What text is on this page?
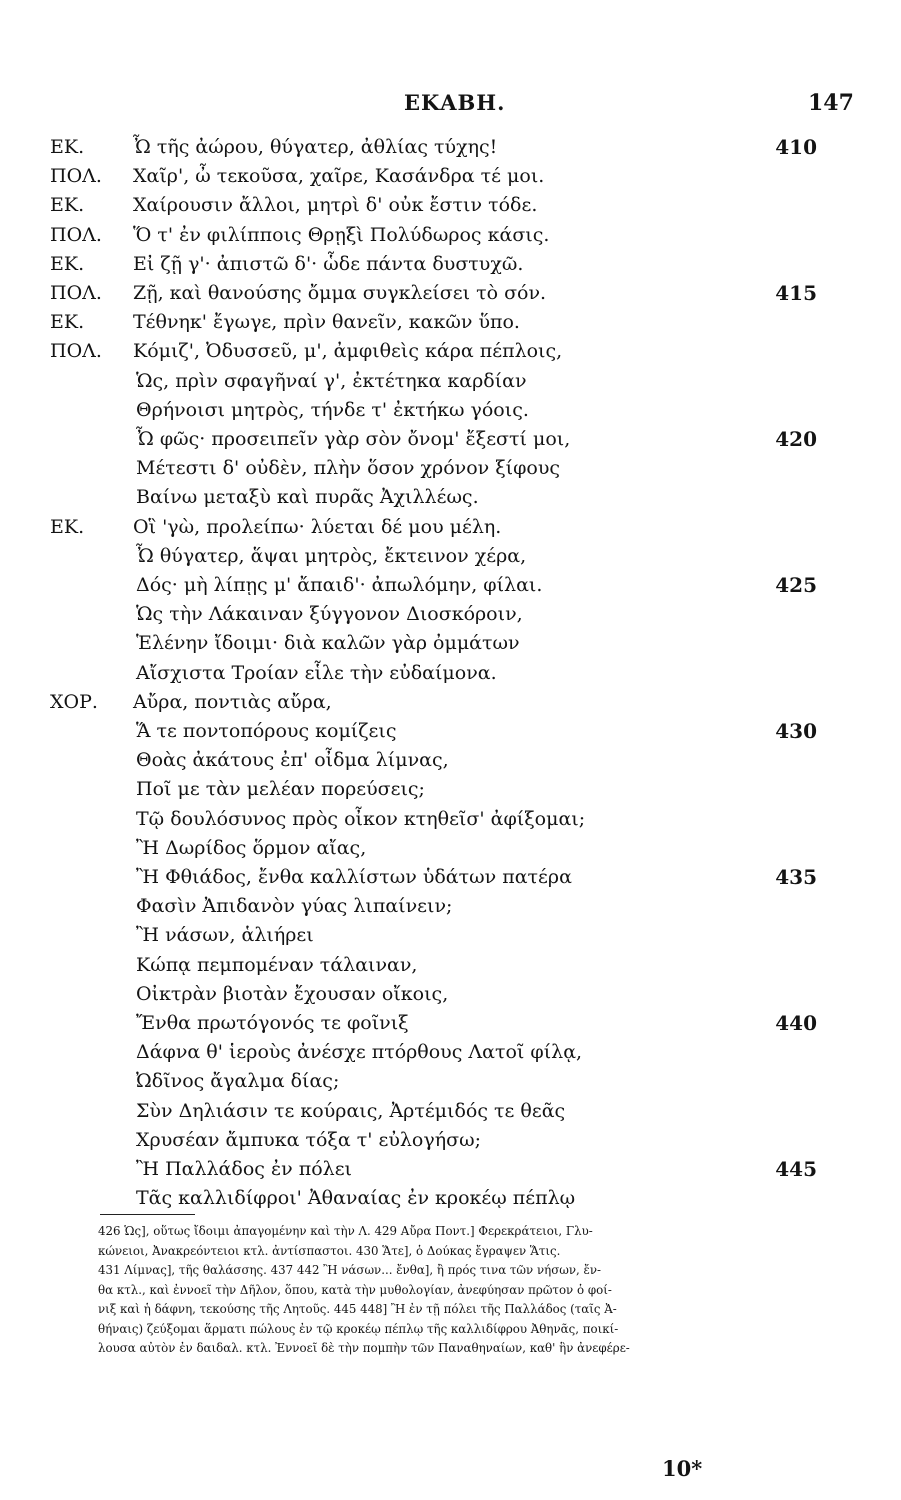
ΕΚΑΒΗ.	147
ΕΚ.	Ὦ τῆς ἀώρου, θύγατερ, ἀθλίας τύχης!	410
ΠΟΛ. Χαῖρ', ὦ τεκοῦσα, χαῖρε, Κασάνδρα τέ μοι.
ΕΚ.	Χαίρουσιν ἄλλοι, μητρὶ δ' οὐκ ἔστιν τόδε.
ΠΟΛ. Ὅ τ' ἐν φιλίπποις Θρῃξὶ Πολύδωρος κάσις.
ΕΚ.	Εἰ ζῇ γ'· ἀπιστῶ δ'· ὧδε πάντα δυστυχῶ.
ΠΟΛ. Ζῇ, καὶ θανούσης ὄμμα συγκλείσει τὸ σόν.	415
ΕΚ.	Τέθνηκ' ἔγωγε, πρὶν θανεῖν, κακῶν ὕπο.
ΠΟΛ. Κόμιζ', Ὀδυσσεῦ, μ', ἀμφιθεὶς κάρα πέπλοις,
Ὡς, πρὶν σφαγῆναί γ', ἐκτέτηκα καρδίαν
Θρήνοισι μητρὸς, τήνδε τ' ἐκτήκω γόοις.
Ὦ φῶς· προσειπεῖν γὰρ σὸν ὄνομ' ἔξεστί μοι,	420
Μέτεστι δ' οὐδὲν, πλὴν ὅσον χρόνον ξίφους
Βαίνω μεταξὺ καὶ πυρᾶς Ἀχιλλέως.
ΕΚ.	Οἳ 'γὼ, προλείπω· λύεται δέ μου μέλη.
Ὦ θύγατερ, ἅψαι μητρὸς, ἔκτεινον χέρα,
Δός· μὴ λίπῃς μ' ἄπαιδ'· ἀπωλόμην, φίλαι.	425
Ὡς τὴν Λάκαιναν ξύγγονον Διοσκόροιν,
Ἑλένην ἴδοιμι· διὰ καλῶν γὰρ ὀμμάτων
Αἴσχιστα Τροίαν εἷλε τὴν εὐδαίμονα.
ΧΟΡ. Αὔρα, ποντιὰς αὔρα,
Ἅ τε ποντοπόρους κομίζεις	430
Θοὰς ἀκάτους ἐπ' οἶδμα λίμνας,
Ποῖ με τὰν μελέαν πορεύσεις;
Τῷ δουλόσυνος πρὸς οἶκον κτηθεῖσ' ἀφίξομαι;
Ἢ Δωρίδος ὅρμον αἴας,
Ἢ Φθιάδος, ἔνθα καλλίστων ὑδάτων πατέρα	435
Φασὶν Ἀπιδανὸν γύας λιπαίνειν;
Ἢ νάσων, ἁλιήρει
Κώπᾳ πεμπομέναν τάλαιναν,
Οἰκτρὰν βιοτὰν ἔχουσαν οἴκοις,
Ἔνθα πρωτόγονός τε φοῖνιξ	440
Δάφνα θ' ἱεροὺς ἀνέσχε πτόρθους Λατοῖ φίλᾳ,
Ὠδῖνος ἄγαλμα δίας;
Σὺν Δηλιάσιν τε κούραις, Ἀρτέμιδός τε θεᾶς
Χρυσέαν ἄμπυκα τόξα τ' εὐλογήσω;
Ἢ Παλλάδος ἐν πόλει	445
Τᾶς καλλιδίφροι' Ἀθαναίας ἐν κροκέῳ πέπλῳ
426 Ὡς], οὕτως ἴδοιμι ἀπαγομένην καὶ τὴν Λ. 429 Αὔρα Ποντ.] Φερεκράτειοι, Γλυ-
κώνειοι, Ἀνακρεόντειοι κτλ. ἀντίσπαστοι. 430 Ἅτε], ὁ Δούκας ἔγραψεν Ἅτις.
431 Λίμνας], τῆς θαλάσσης. 437 442 Ἢ νάσων... ἔνθα], ἢ πρός τινα τῶν νήσων, ἔν-
θα κτλ., καὶ ἐννοεῖ τὴν Δῆλον, ὅπου, κατὰ τὴν μυθολογίαν, ἀνεφύησαν πρῶτον ὁ φοί-
νιξ καὶ ἡ δάφνη, τεκούσης τῆς Λητοῦς. 445 448] Ἢ ἐν τῇ πόλει τῆς Παλλάδος (ταῖς Ἀ-
θήναις) ζεύξομαι ἅρματι πώλους ἐν τῷ κροκέῳ πέπλῳ τῆς καλλιδίφρου Ἀθηνᾶς, ποικί-
λουσα αὐτὸν ἐν δαιδαλ. κτλ. Ἐννοεῖ δὲ τὴν πομπὴν τῶν Παναθηναίων, καθ' ἣν ἀνεφέρε-
10*
